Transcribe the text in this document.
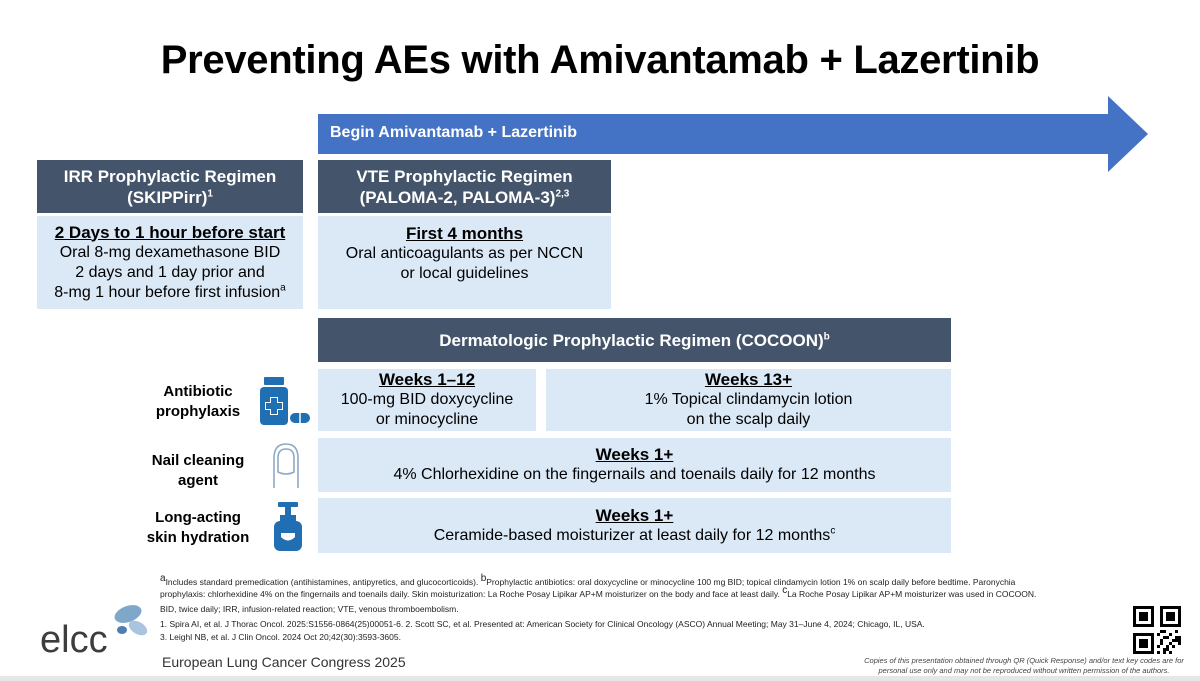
Preventing AEs with Amivantamab + Lazertinib
Begin Amivantamab + Lazertinib
IRR Prophylactic Regimen
(SKIPPirr)$^1$
2 Days to 1 hour before start
Oral 8-mg dexamethasone BID
2 days and 1 day prior and
8-mg 1 hour before first infusion$^a$
VTE Prophylactic Regimen
(PALOMA-2, PALOMA-3)$^{2,3}$
First 4 months
Oral anticoagulants as per NCCN
or local guidelines
Dermatologic Prophylactic Regimen (COCOON)$^b$
Antibiotic
prophylaxis
Weeks 1–12
100-mg BID doxycycline
or minocycline
Weeks 13+
1% Topical clindamycin lotion
on the scalp daily
Nail cleaning
agent
Weeks 1+
4% Chlorhexidine on the fingernails and toenails daily for 12 months
Long-acting
skin hydration
Weeks 1+
Ceramide-based moisturizer at least daily for 12 months$^c$

$^a$Includes standard premedication (antihistamines, antipyretics, and glucocorticoids). $^b$Prophylactic antibiotics: oral doxycycline or minocycline 100 mg BID; topical clindamycin lotion 1% on scalp daily before bedtime. Paronychia prophylaxis: chlorhexidine 4% on the fingernails and toenails daily. Skin moisturization: La Roche Posay Lipikar AP+M moisturizer on the body and face at least daily. $^c$La Roche Posay Lipikar AP+M moisturizer was used in COCOON.

BID, twice daily; IRR, infusion-related reaction; VTE, venous thromboembolism.

1. Spira AI, et al. J Thorac Oncol. 2025:S1556-0864(25)00051-6. 2. Scott SC, et al. Presented at: American Society for Clinical Oncology (ASCO) Annual Meeting; May 31–June 4, 2024; Chicago, IL, USA.

3. Leighl NB, et al. J Clin Oncol. 2024 Oct 20;42(30):3593-3605.

elcc
European Lung Cancer Congress 2025	Copies of this presentation obtained through QR (Quick Response) and/or text key codes are for personal use only and may not be reproduced without written permission of the authors.
